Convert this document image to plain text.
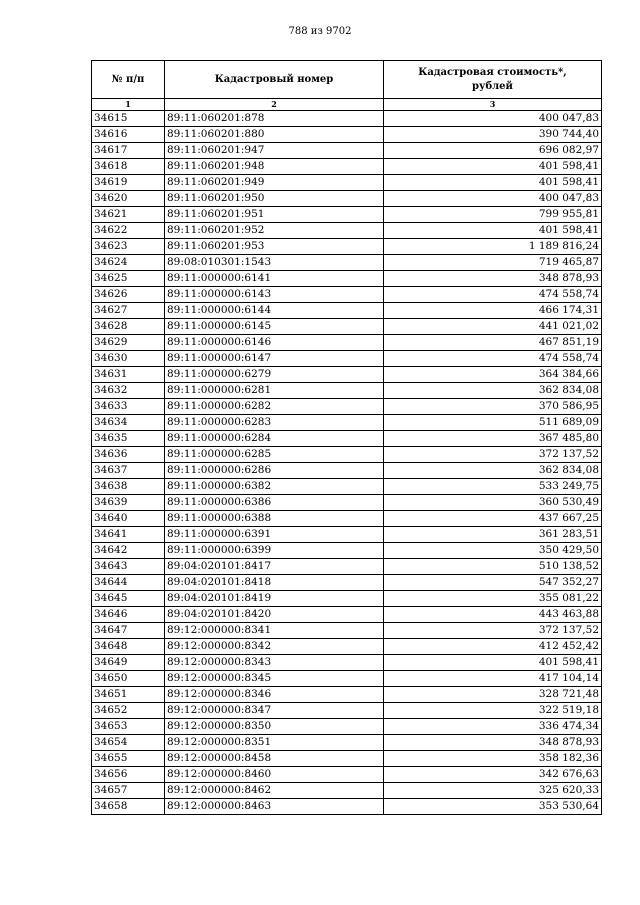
788 из 9702
№ п/п	Кадастровый номер	Кадастровая стоимость*,
рублей
1	2	3
34615	89:11:060201:878	400 047,83
34616	89:11:060201:880	390 744,40
34617	89:11:060201:947	696 082,97
34618	89:11:060201:948	401 598,41
34619	89:11:060201:949	401 598,41
34620	89:11:060201:950	400 047,83
34621	89:11:060201:951	799 955,81
34622	89:11:060201:952	401 598,41
34623	89:11:060201:953	1 189 816,24
34624	89:08:010301:1543	719 465,87
34625	89:11:000000:6141	348 878,93
34626	89:11:000000:6143	474 558,74
34627	89:11:000000:6144	466 174,31
34628	89:11:000000:6145	441 021,02
34629	89:11:000000:6146	467 851,19
34630	89:11:000000:6147	474 558,74
34631	89:11:000000:6279	364 384,66
34632	89:11:000000:6281	362 834,08
34633	89:11:000000:6282	370 586,95
34634	89:11:000000:6283	511 689,09
34635	89:11:000000:6284	367 485,80
34636	89:11:000000:6285	372 137,52
34637	89:11:000000:6286	362 834,08
34638	89:11:000000:6382	533 249,75
34639	89:11:000000:6386	360 530,49
34640	89:11:000000:6388	437 667,25
34641	89:11:000000:6391	361 283,51
34642	89:11:000000:6399	350 429,50
34643	89:04:020101:8417	510 138,52
34644	89:04:020101:8418	547 352,27
34645	89:04:020101:8419	355 081,22
34646	89:04:020101:8420	443 463,88
34647	89:12:000000:8341	372 137,52
34648	89:12:000000:8342	412 452,42
34649	89:12:000000:8343	401 598,41
34650	89:12:000000:8345	417 104,14
34651	89:12:000000:8346	328 721,48
34652	89:12:000000:8347	322 519,18
34653	89:12:000000:8350	336 474,34
34654	89:12:000000:8351	348 878,93
34655	89:12:000000:8458	358 182,36
34656	89:12:000000:8460	342 676,63
34657	89:12:000000:8462	325 620,33
34658	89:12:000000:8463	353 530,64
